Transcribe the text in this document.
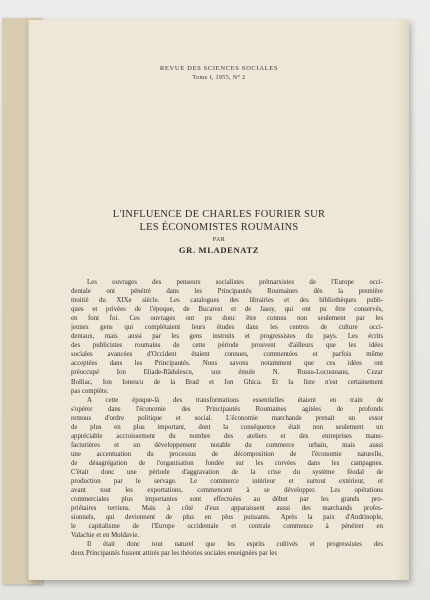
REVUE DES SCIENCES SOCIALES
Tome I, 1955, N° 2
L'INFLUENCE DE CHARLES FOURIER SUR
LES ÉCONOMISTES ROUMAINS
PAR
GR. MLADENATZ

Les ouvrages des penseurs socialistes prémarxistes de l'Europe occi-
dentale ont pénétré dans les Principautés Roumaines dès la première
moitié du XIXe siècle. Les catalogues des librairies et des bibliothèques publi-
ques et privées de l'époque, de Bucarest et de Jassy, qui ont pu être conservés,
en font foi. Ces ouvrages ont pu donc être connus non seulement par les
jeunes gens qui complétaient leurs études dans les centres de culture occi-
dentaux, mais aussi par les gens instruits et progressistes du pays. Les écrits
des publicistes roumains de cette période prouvent d'ailleurs que les idées
sociales avancées d'Occident étaient connues, commentées et parfois même
acceptées dans les Principautés. Nous savons notamment que ces idées ont
préoccupé Ion Eliade-Rădulescu, son émule N. Russu-Locusteanu, Cezar
Bolliac, Ion Ionescu de la Brad et Ion Ghica. Et la liste n'est certainement
pas complète.

A cette époque-là des transformations essentielles étaient en train de
s'opérer dans l'économie des Principautés Roumaines agitées de profonds
remous d'ordre politique et social. L'économie marchande prenait un essor
de plus en plus important, dont la conséquence était non seulement un
appréciable accroissement du nombre des ateliers et des entreprises manu-
facturières et un développement notable du commerce urbain, mais aussi
une accentuation du processus de décomposition de l'économie naturelle,
de désagrégation de l'organisation fondée sur les corvées dans les campagnes.
C'était donc une période d'aggravation de la crise du système féodal de
production par le servage. Le commerce intérieur et surtout extérieur, et
avant tout les exportations, commencent à se développer. Les opérations
commerciales plus importantes sont effectuées au début par les grands pro-
priétaires terriens. Mais à côté d'eux apparaissent aussi des marchands profes-
sionnels, qui deviennent de plus en plus puissants. Après la paix d'Andrinople,
le capitalisme de l'Europe occidentale et centrale commence à pénétrer en
Valachie et en Moldavie.

Il était donc tout naturel que les esprits cultivés et progressistes des
deux Principautés fussent attirés par les théories sociales enseignées par les
